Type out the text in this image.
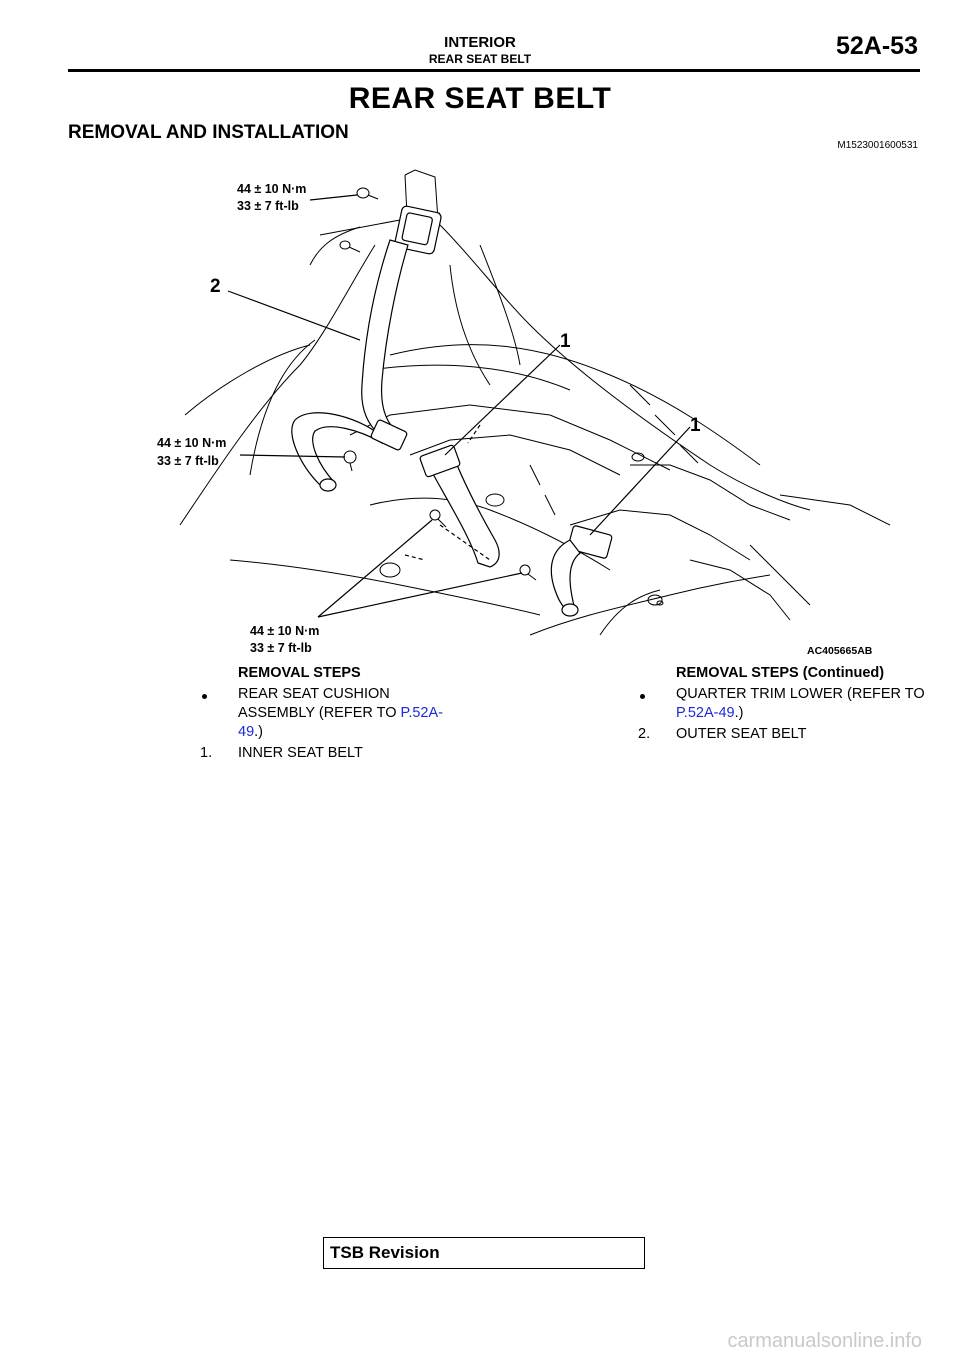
INTERIOR
REAR SEAT BELT	52A-53
REAR SEAT BELT
REMOVAL AND INSTALLATION
M1523001600531
44 ± 10 N·m
33 ± 7 ft-lb
44 ± 10 N·m
33 ± 7 ft-lb
44 ± 10 N·m
33 ± 7 ft-lb
2
1
1
AC405665AB
REMOVAL STEPS
REAR SEAT CUSHION ASSEMBLY (REFER TO P.52A-49.)
1. INNER SEAT BELT
REMOVAL STEPS (Continued)
QUARTER TRIM LOWER (REFER TO P.52A-49.)
2. OUTER SEAT BELT
TSB Revision
carmanualsonline.info
